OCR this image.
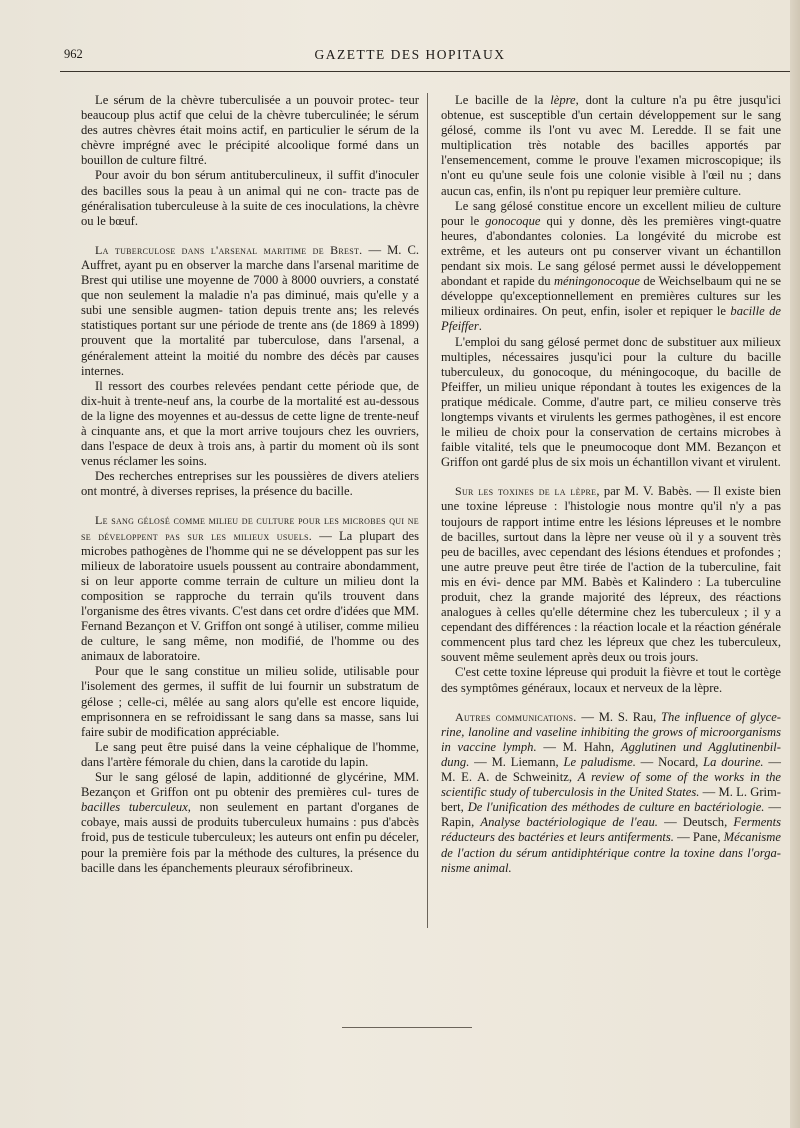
962	GAZETTE DES HOPITAUX

Le sérum de la chèvre tuberculisée a un pouvoir protec- teur beaucoup plus actif que celui de la chèvre tuberculinée; le sérum des autres chèvres était moins actif, en particulier le sérum de la chèvre imprégné avec le précipité alcoolique formé dans un bouillon de culture filtré.

Pour avoir du bon sérum antituberculineux, il suffit d'inoculer des bacilles sous la peau à un animal qui ne con- tracte pas de généralisation tuberculeuse à la suite de ces inoculations, la chèvre ou le bœuf.

La tuberculose dans l'arsenal maritime de Brest. — M. C. Auffret, ayant pu en observer la marche dans l'arsenal maritime de Brest qui utilise une moyenne de 7000 à 8000 ouvriers, a constaté que non seulement la maladie n'a pas diminué, mais qu'elle y a subi une sensible augmen- tation depuis trente ans; les relevés statistiques portant sur une période de trente ans (de 1869 à 1899) prouvent que la mortalité par tuberculose, dans l'arsenal, a généralement atteint la moitié du nombre des décès par causes internes.

Il ressort des courbes relevées pendant cette période que, de dix-huit à trente-neuf ans, la courbe de la mortalité est au-dessous de la ligne des moyennes et au-dessus de cette ligne de trente-neuf à cinquante ans, et que la mort arrive toujours chez les ouvriers, dans l'espace de deux à trois ans, à partir du moment où ils sont venus réclamer les soins.

Des recherches entreprises sur les poussières de divers ateliers ont montré, à diverses reprises, la présence du bacille.

Le sang gélosé comme milieu de culture pour les microbes qui ne se développent pas sur les milieux usuels. — La plupart des microbes pathogènes de l'homme qui ne se développent pas sur les milieux de laboratoire usuels poussent au contraire abondamment, si on leur apporte comme terrain de culture un milieu dont la composition se rapproche du terrain qu'ils trouvent dans l'organisme des êtres vivants. C'est dans cet ordre d'idées que MM. Fernand Bezançon et V. Griffon ont songé à utiliser, comme milieu de culture, le sang même, non modifié, de l'homme ou des animaux de laboratoire.

Pour que le sang constitue un milieu solide, utilisable pour l'isolement des germes, il suffit de lui fournir un substratum de gélose ; celle-ci, mêlée au sang alors qu'elle est encore liquide, emprisonnera en se refroidissant le sang dans sa masse, sans lui faire subir de modification appréciable.

Le sang peut être puisé dans la veine céphalique de l'homme, dans l'artère fémorale du chien, dans la carotide du lapin.

Sur le sang gélosé de lapin, additionné de glycérine, MM. Bezançon et Griffon ont pu obtenir des premières cul- tures de bacilles tuberculeux, non seulement en partant d'organes de cobaye, mais aussi de produits tuberculeux humains : pus d'abcès froid, pus de testicule tuberculeux; les auteurs ont enfin pu déceler, pour la première fois par la méthode des cultures, la présence du bacille dans les épanchements pleuraux sérofibrineux.

Le bacille de la lèpre, dont la culture n'a pu être jusqu'ici obtenue, est susceptible d'un certain développement sur le sang gélosé, comme ils l'ont vu avec M. Leredde. Il se fait une multiplication très notable des bacilles apportés par l'ensemencement, comme le prouve l'examen microscopique; ils n'ont eu qu'une seule fois une colonie visible à l'œil nu ; dans aucun cas, enfin, ils n'ont pu repiquer leur première culture.

Le sang gélosé constitue encore un excellent milieu de culture pour le gonocoque qui y donne, dès les premières vingt-quatre heures, d'abondantes colonies. La longévité du microbe est extrême, et les auteurs ont pu conserver vivant un échantillon pendant six mois. Le sang gélosé permet aussi le développement abondant et rapide du méningonocoque de Weichselbaum qui ne se développe qu'exceptionnellement en premières cultures sur les milieux ordinaires. On peut, enfin, isoler et repiquer le bacille de Pfeiffer.

L'emploi du sang gélosé permet donc de substituer aux milieux multiples, nécessaires jusqu'ici pour la culture du bacille tuberculeux, du gonocoque, du méningocoque, du bacille de Pfeiffer, un milieu unique répondant à toutes les exigences de la pratique médicale. Comme, d'autre part, ce milieu conserve très longtemps vivants et virulents les germes pathogènes, il est encore le milieu de choix pour la conservation de certains microbes à faible vitalité, tels que le pneumocoque dont MM. Bezançon et Griffon ont gardé plus de six mois un échantillon vivant et virulent.

Sur les toxines de la lèpre, par M. V. Babès. — Il existe bien une toxine lépreuse : l'histologie nous montre qu'il n'y a pas toujours de rapport intime entre les lésions lépreuses et le nombre de bacilles, surtout dans la lèpre ner veuse où il y a souvent très peu de bacilles, avec cependant des lésions étendues et profondes ; une autre preuve peut être tirée de l'action de la tuberculine, fait mis en évi- dence par MM. Babès et Kalindero : La tuberculine produit, chez la grande majorité des lépreux, des réactions analogues à celles qu'elle détermine chez les tuberculeux ; il y a cependant des différences : la réaction locale et la réaction générale commencent plus tard chez les lépreux que chez les tuberculeux, souvent même seulement après deux ou trois jours.

C'est cette toxine lépreuse qui produit la fièvre et tout le cortège des symptômes généraux, locaux et nerveux de la lèpre.

Autres communications. — M. S. Rau, The influence of glyce- rine, lanoline and vaseline inhibiting the grows of microorganisms in vaccine lymph. — M. Hahn, Agglutinen und Agglutinenbil- dung. — M. Liemann, Le paludisme. — Nocard, La dourine. — M. E. A. de Schweinitz, A review of some of the works in the scientific study of tuberculosis in the United States. — M. L. Grim- bert, De l'unification des méthodes de culture en bactériologie. — Rapin, Analyse bactériologique de l'eau. — Deutsch, Ferments réducteurs des bactéries et leurs antiferments. — Pane, Mécanisme de l'action du sérum antidiphtérique contre la toxine dans l'orga- nisme animal.
